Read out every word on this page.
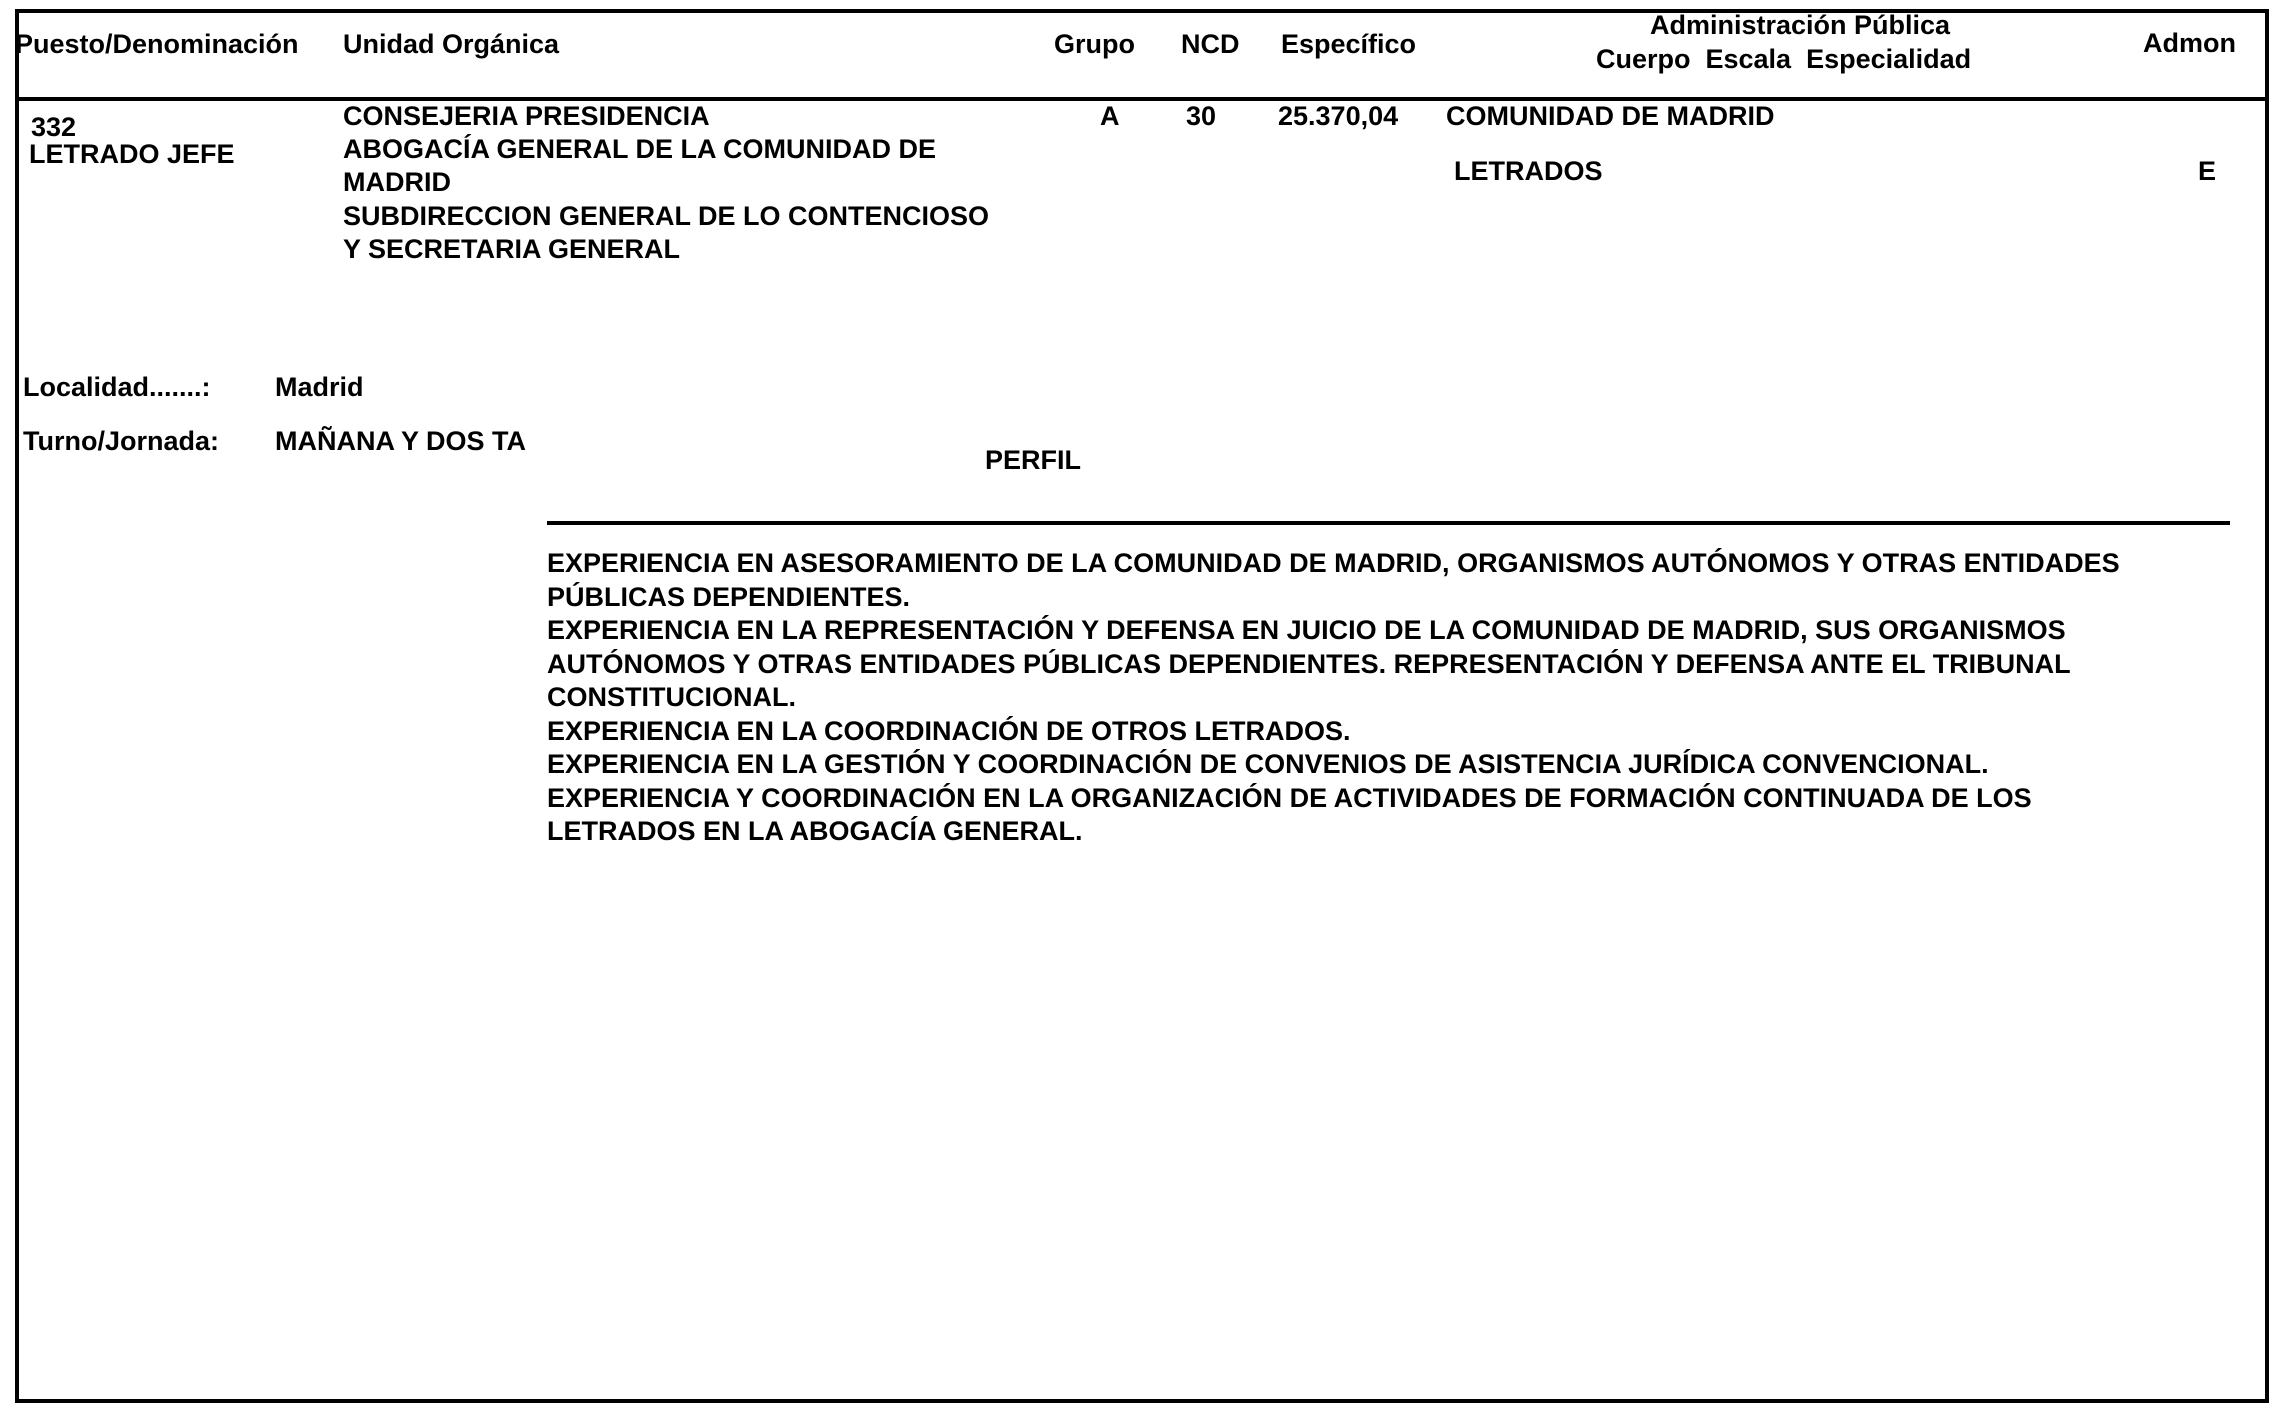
Puesto/Denominación Unidad Orgánica	Grupo NCD Específico
Administración Pública
Cuerpo  Escala  Especialidad
Admon
332
LETRADO JEFE
CONSEJERIA PRESIDENCIA
ABOGACÍA GENERAL DE LA COMUNIDAD DE
MADRID
SUBDIRECCION GENERAL DE LO CONTENCIOSO
Y SECRETARIA GENERAL
A 30 25.370,04 COMUNIDAD DE MADRID
LETRADOS	E
Localidad.......: Madrid
Turno/Jornada: MAÑANA Y DOS TA
PERFIL
EXPERIENCIA EN ASESORAMIENTO DE LA COMUNIDAD DE MADRID, ORGANISMOS AUTÓNOMOS Y OTRAS ENTIDADES
PÚBLICAS DEPENDIENTES.
EXPERIENCIA EN LA REPRESENTACIÓN Y DEFENSA EN JUICIO DE LA COMUNIDAD DE MADRID, SUS ORGANISMOS
AUTÓNOMOS Y OTRAS ENTIDADES PÚBLICAS DEPENDIENTES. REPRESENTACIÓN Y DEFENSA ANTE EL TRIBUNAL
CONSTITUCIONAL.
EXPERIENCIA EN LA COORDINACIÓN DE OTROS LETRADOS.
EXPERIENCIA EN LA GESTIÓN Y COORDINACIÓN DE CONVENIOS DE ASISTENCIA JURÍDICA CONVENCIONAL.
EXPERIENCIA Y COORDINACIÓN EN LA ORGANIZACIÓN DE ACTIVIDADES DE FORMACIÓN CONTINUADA DE LOS
LETRADOS EN LA ABOGACÍA GENERAL.
